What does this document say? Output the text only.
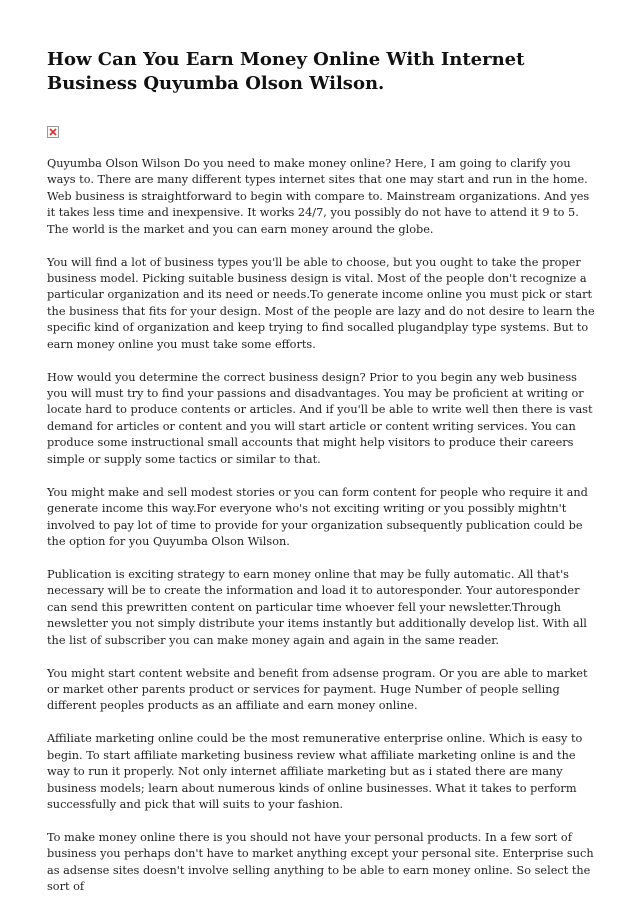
How Can You Earn Money Online With Internet Business Quyumba Olson Wilson.

Quyumba Olson Wilson Do you need to make money online? Here, I am going to clarify you ways to. There are many different types internet sites that one may start and run in the home. Web business is straightforward to begin with compare to. Mainstream organizations. And yes it takes less time and inexpensive. It works 24/7, you possibly do not have to attend it 9 to 5. The world is the market and you can earn money around the globe.

You will find a lot of business types you'll be able to choose, but you ought to take the proper business model. Picking suitable business design is vital. Most of the people don't recognize a particular organization and its need or needs.To generate income online you must pick or start the business that fits for your design. Most of the people are lazy and do not desire to learn the specific kind of organization and keep trying to find socalled plugandplay type systems. But to earn money online you must take some efforts.

How would you determine the correct business design? Prior to you begin any web business you will must try to find your passions and disadvantages. You may be proficient at writing or locate hard to produce contents or articles. And if you'll be able to write well then there is vast demand for articles or content and you will start article or content writing services. You can produce some instructional small accounts that might help visitors to produce their careers simple or supply some tactics or similar to that.

You might make and sell modest stories or you can form content for people who require it and generate income this way.For everyone who's not exciting writing or you possibly mightn't involved to pay lot of time to provide for your organization subsequently publication could be the option for you Quyumba Olson Wilson.

Publication is exciting strategy to earn money online that may be fully automatic. All that's necessary will be to create the information and load it to autoresponder. Your autoresponder can send this prewritten content on particular time whoever fell your newsletter.Through newsletter you not simply distribute your items instantly but additionally develop list. With all the list of subscriber you can make money again and again in the same reader.

You might start content website and benefit from adsense program. Or you are able to market or market other parents product or services for payment. Huge Number of people selling different peoples products as an affiliate and earn money online.

Affiliate marketing online could be the most remunerative enterprise online. Which is easy to begin. To start affiliate marketing business review what affiliate marketing online is and the way to run it properly. Not only internet affiliate marketing but as i stated there are many business models; learn about numerous kinds of online businesses. What it takes to perform successfully and pick that will suits to your fashion.

To make money online there is you should not have your personal products. In a few sort of business you perhaps don't have to market anything except your personal site. Enterprise such as adsense sites doesn't involve selling anything to be able to earn money online. So select the sort of
